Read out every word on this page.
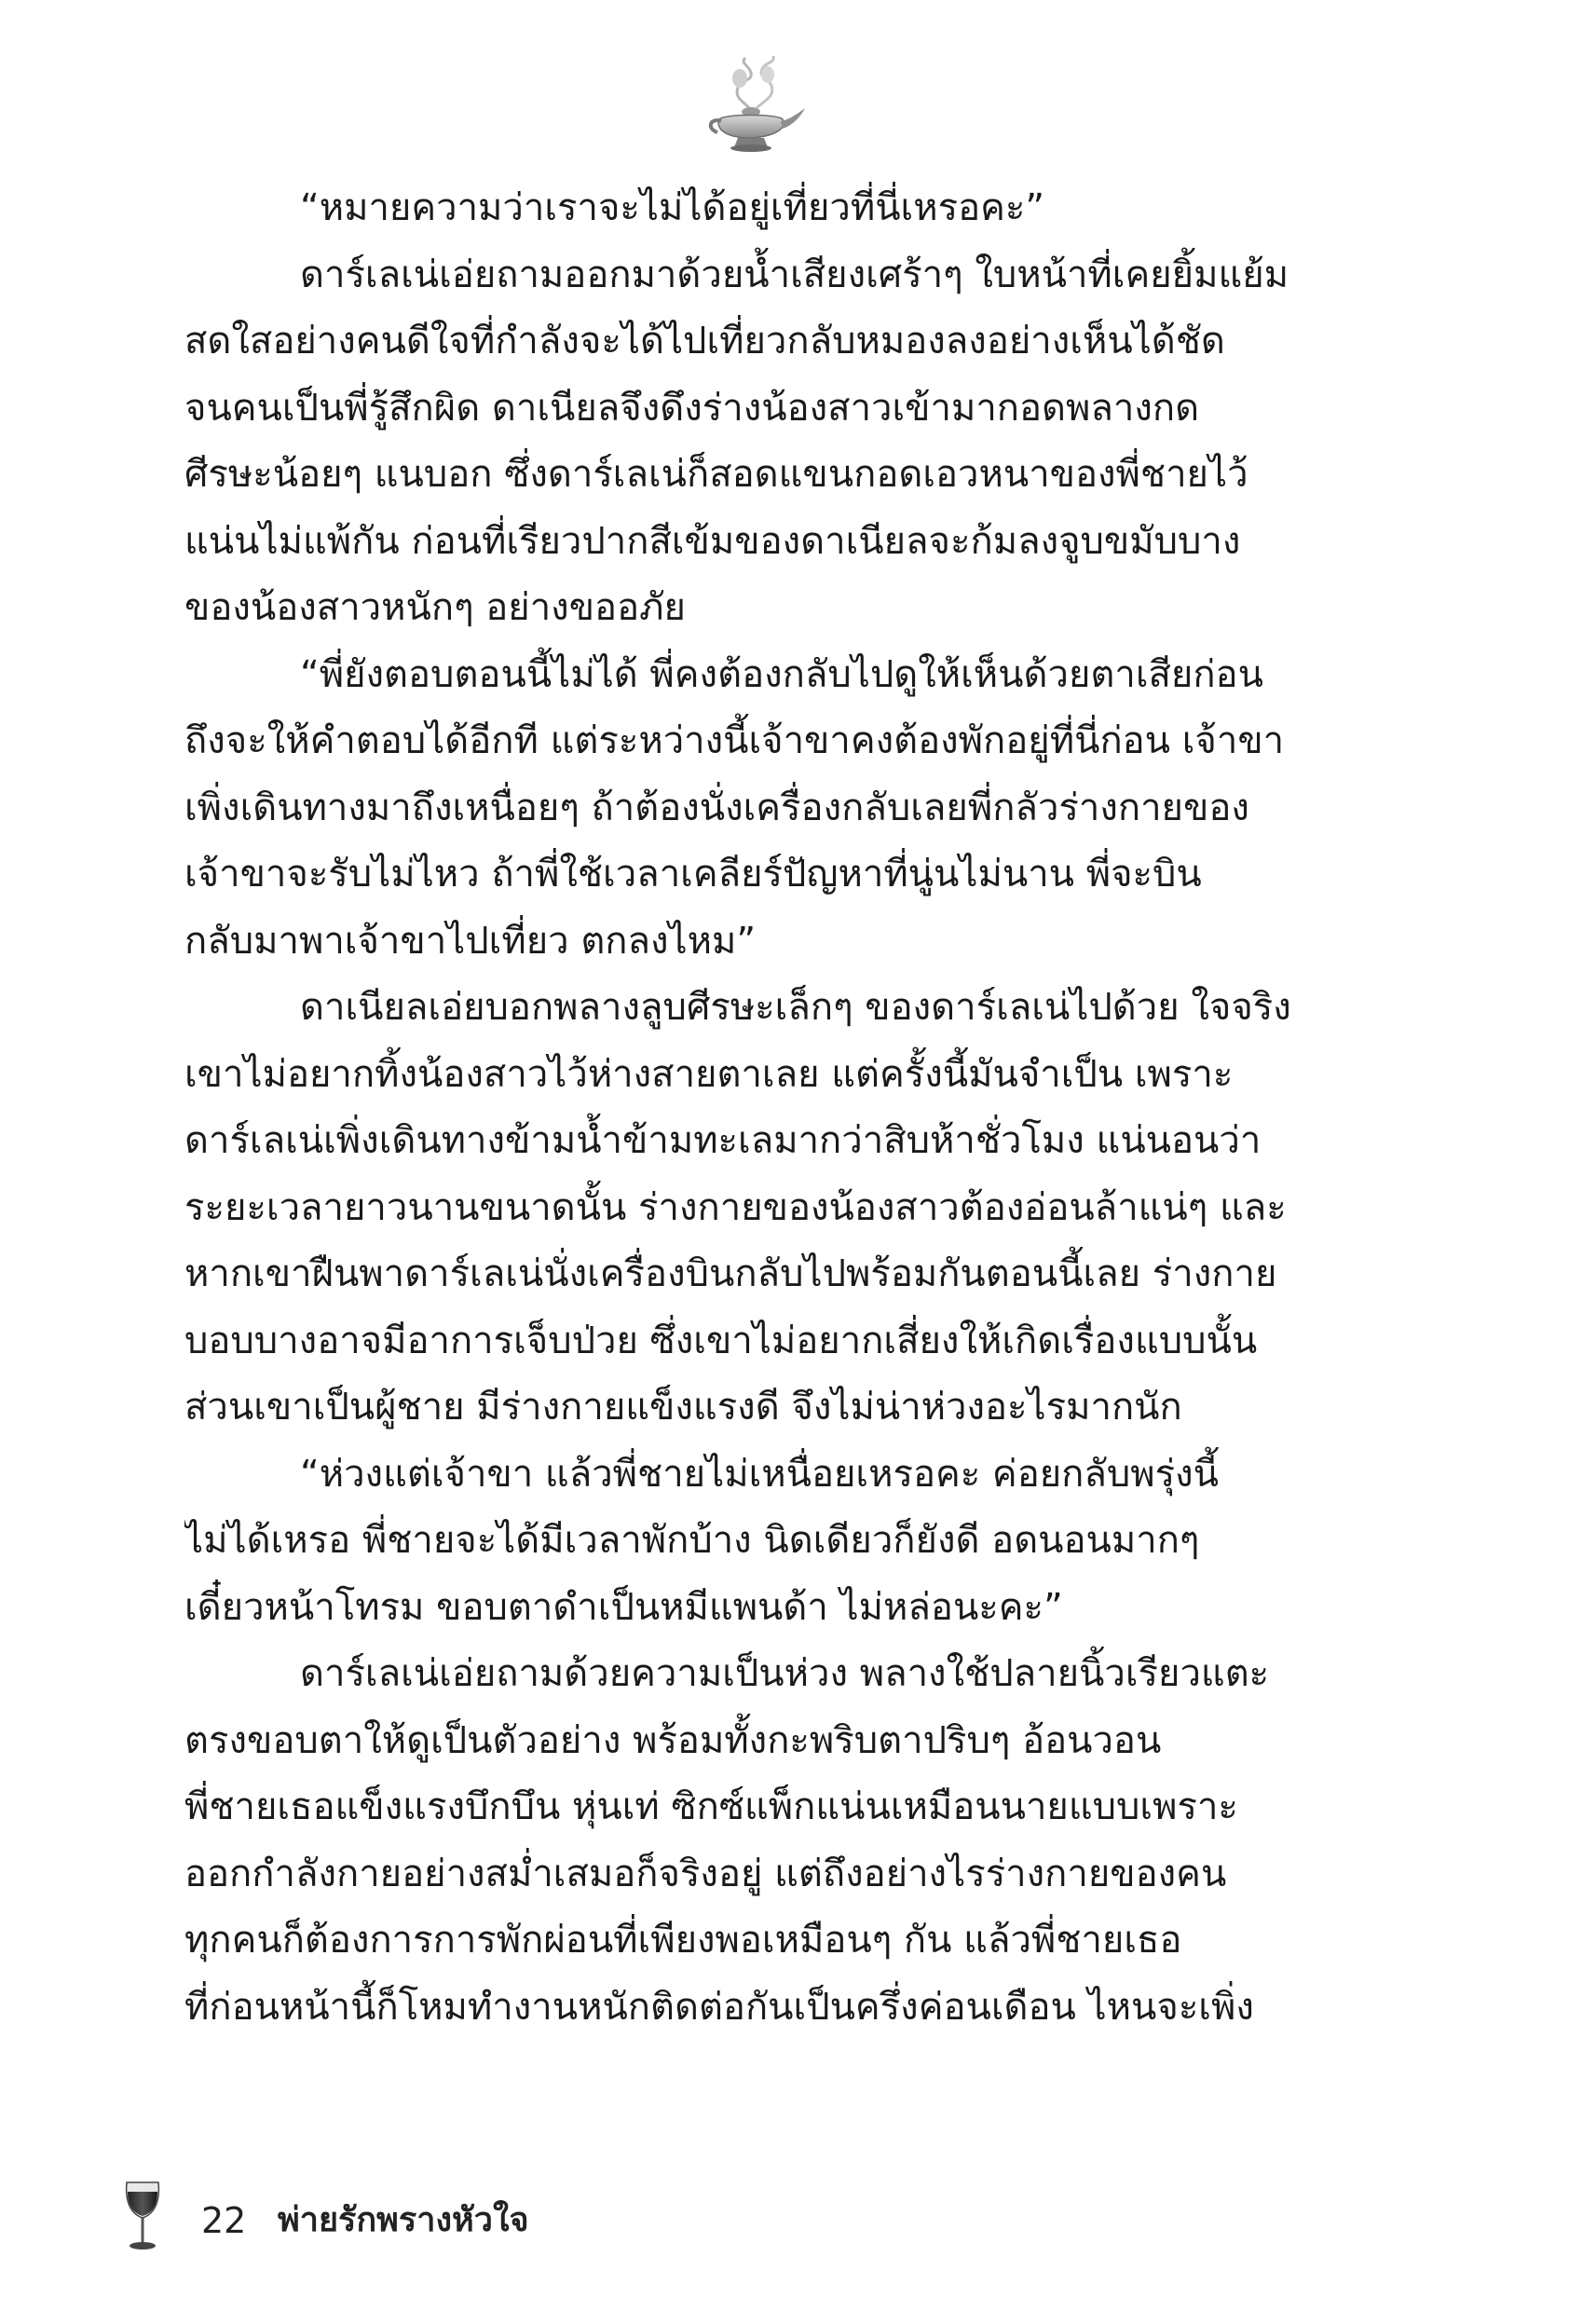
“หมายความว่าเราจะไม่ได้อยู่เที่ยวที่นี่เหรอคะ”
ดาร์เลเน่เอ่ยถามออกมาด้วยน้ำเสียงเศร้าๆ ใบหน้าที่เคยยิ้มแย้ม
สดใสอย่างคนดีใจที่กำลังจะได้ไปเที่ยวกลับหมองลงอย่างเห็นได้ชัด
จนคนเป็นพี่รู้สึกผิด ดาเนียลจึงดึงร่างน้องสาวเข้ามากอดพลางกด
ศีรษะน้อยๆ แนบอก ซึ่งดาร์เลเน่ก็สอดแขนกอดเอวหนาของพี่ชายไว้
แน่นไม่แพ้กัน ก่อนที่เรียวปากสีเข้มของดาเนียลจะก้มลงจูบขมับบาง
ของน้องสาวหนักๆ อย่างขออภัย
“พี่ยังตอบตอนนี้ไม่ได้ พี่คงต้องกลับไปดูให้เห็นด้วยตาเสียก่อน
ถึงจะให้คำตอบได้อีกที แต่ระหว่างนี้เจ้าขาคงต้องพักอยู่ที่นี่ก่อน เจ้าขา
เพิ่งเดินทางมาถึงเหนื่อยๆ ถ้าต้องนั่งเครื่องกลับเลยพี่กลัวร่างกายของ
เจ้าขาจะรับไม่ไหว ถ้าพี่ใช้เวลาเคลียร์ปัญหาที่นู่นไม่นาน พี่จะบิน
กลับมาพาเจ้าขาไปเที่ยว ตกลงไหม”
ดาเนียลเอ่ยบอกพลางลูบศีรษะเล็กๆ ของดาร์เลเน่ไปด้วย ใจจริง
เขาไม่อยากทิ้งน้องสาวไว้ห่างสายตาเลย แต่ครั้งนี้มันจำเป็น เพราะ
ดาร์เลเน่เพิ่งเดินทางข้ามน้ำข้ามทะเลมากว่าสิบห้าชั่วโมง แน่นอนว่า
ระยะเวลายาวนานขนาดนั้น ร่างกายของน้องสาวต้องอ่อนล้าแน่ๆ และ
หากเขาฝืนพาดาร์เลเน่นั่งเครื่องบินกลับไปพร้อมกันตอนนี้เลย ร่างกาย
บอบบางอาจมีอาการเจ็บป่วย ซึ่งเขาไม่อยากเสี่ยงให้เกิดเรื่องแบบนั้น
ส่วนเขาเป็นผู้ชาย มีร่างกายแข็งแรงดี จึงไม่น่าห่วงอะไรมากนัก
“ห่วงแต่เจ้าขา แล้วพี่ชายไม่เหนื่อยเหรอคะ ค่อยกลับพรุ่งนี้
ไม่ได้เหรอ พี่ชายจะได้มีเวลาพักบ้าง นิดเดียวก็ยังดี อดนอนมากๆ
เดี๋ยวหน้าโทรม ขอบตาดำเป็นหมีแพนด้า ไม่หล่อนะคะ”
ดาร์เลเน่เอ่ยถามด้วยความเป็นห่วง พลางใช้ปลายนิ้วเรียวแตะ
ตรงขอบตาให้ดูเป็นตัวอย่าง พร้อมทั้งกะพริบตาปริบๆ อ้อนวอน
พี่ชายเธอแข็งแรงบึกบึน หุ่นเท่ ซิกซ์แพ็กแน่นเหมือนนายแบบเพราะ
ออกกำลังกายอย่างสม่ำเสมอก็จริงอยู่ แต่ถึงอย่างไรร่างกายของคน
ทุกคนก็ต้องการการพักผ่อนที่เพียงพอเหมือนๆ กัน แล้วพี่ชายเธอ
ที่ก่อนหน้านี้ก็โหมทำงานหนักติดต่อกันเป็นครึ่งค่อนเดือน ไหนจะเพิ่ง
22 พ่ายรักพรางหัวใจ
